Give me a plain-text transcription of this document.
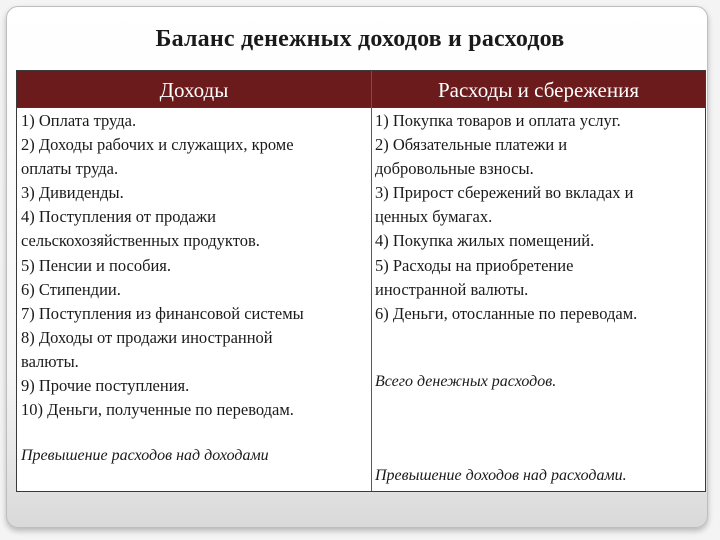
Баланс денежных доходов и расходов
Доходы	Расходы и сбережения
1) Оплата труда.
2) Доходы рабочих и служащих, кроме
оплаты труда.
3) Дивиденды.
4) Поступления от продажи
сельскохозяйственных продуктов.
5) Пенсии и пособия.
6) Стипендии.
7) Поступления из финансовой системы
8) Доходы от продажи иностранной
валюты.
9) Прочие поступления.
10) Деньги, полученные по переводам.
1) Покупка товаров и оплата услуг.
2) Обязательные платежи и
добровольные взносы.
3) Прирост сбережений во вкладах и
ценных бумагах.
4) Покупка жилых помещений.
5) Расходы на приобретение
иностранной валюты.
6) Деньги, отосланные по переводам.
Всего денежных расходов.
Превышение расходов над доходами
Превышение доходов над расходами.
